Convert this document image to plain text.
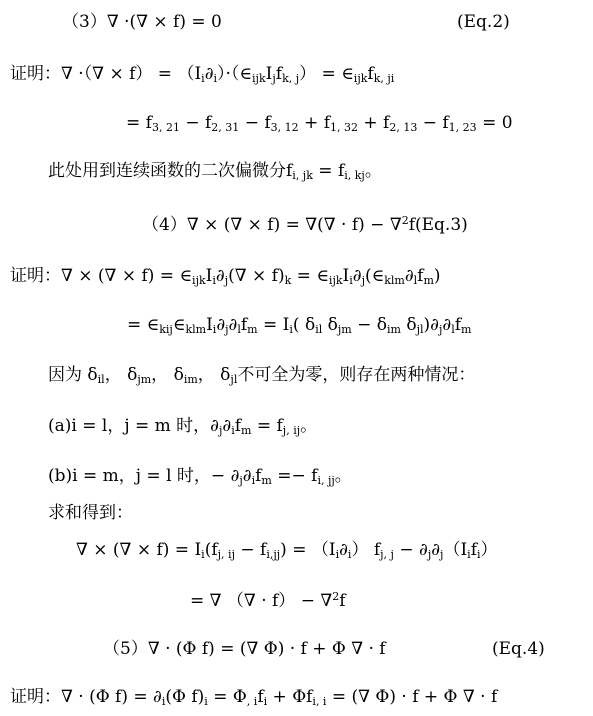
（3）∇ ·(∇ × f) = 0	(Eq.2)
证明：∇ ·（∇ × $f) = (I_i\partial_i)\cdot(\in_{ijk}I_jf_{k, j})$ = $\in_{ijk}f_{k, ji}$
= $f_{3, 21} - f_{2, 31} - f_{3, 12} + f_{1, 32} + f_{2, 13} - f_{1, 23} = 0$
此处用到连续函数的二次偏微分$f_{i, jk} = f_{i, kj}$。
（4）∇ × (∇ × f) = ∇(∇ · f) − ∇$^2$f(Eq.3)
证明：∇ × (∇ × $f) = \in_{ijk}I_i\partial_j(\nabla \times f)_k$ = $\in_{ijk}I_i\partial_j(\in_{klm}\partial_lf_m)$
= $\in_{kij}\in_{klm}I_i\partial_j\partial_lf_m = I_i$( $\delta_{il}$ $\delta_{jm} - \delta_{im}$ $\delta_{jl})\partial_j\partial_lf_m$
因为 $\delta_{il}$， $\delta_{jm}$， $\delta_{im}$， $\delta_{jl}$不可全为零，则存在两种情况：
(a)i = l，j = m 时，$\partial_j\partial_if_m = f_{j, ij}$。
(b)i = m，j = l 时，− $\partial_j\partial_if_m =- f_{i, jj}$。
求和得到：
∇ × (∇ × $f) = I_i(f_{j, ij} - f_{i,jj}) = (I_i\partial_i) f_{j, j} - \partial_j\partial_j(I_if_i)$
= ∇ （∇ · f） − ∇$^2$f
（5）∇ · (Φ f) = (∇ Φ) · f + Φ ∇ · f	(Eq.4)
证明：∇ · (Φ $f) = \partial_i(\Phi$ $f)_i = \Phi_{, i}f_i + \Phi f_{i, i}$ = (∇ Φ) · f + Φ ∇ · f
